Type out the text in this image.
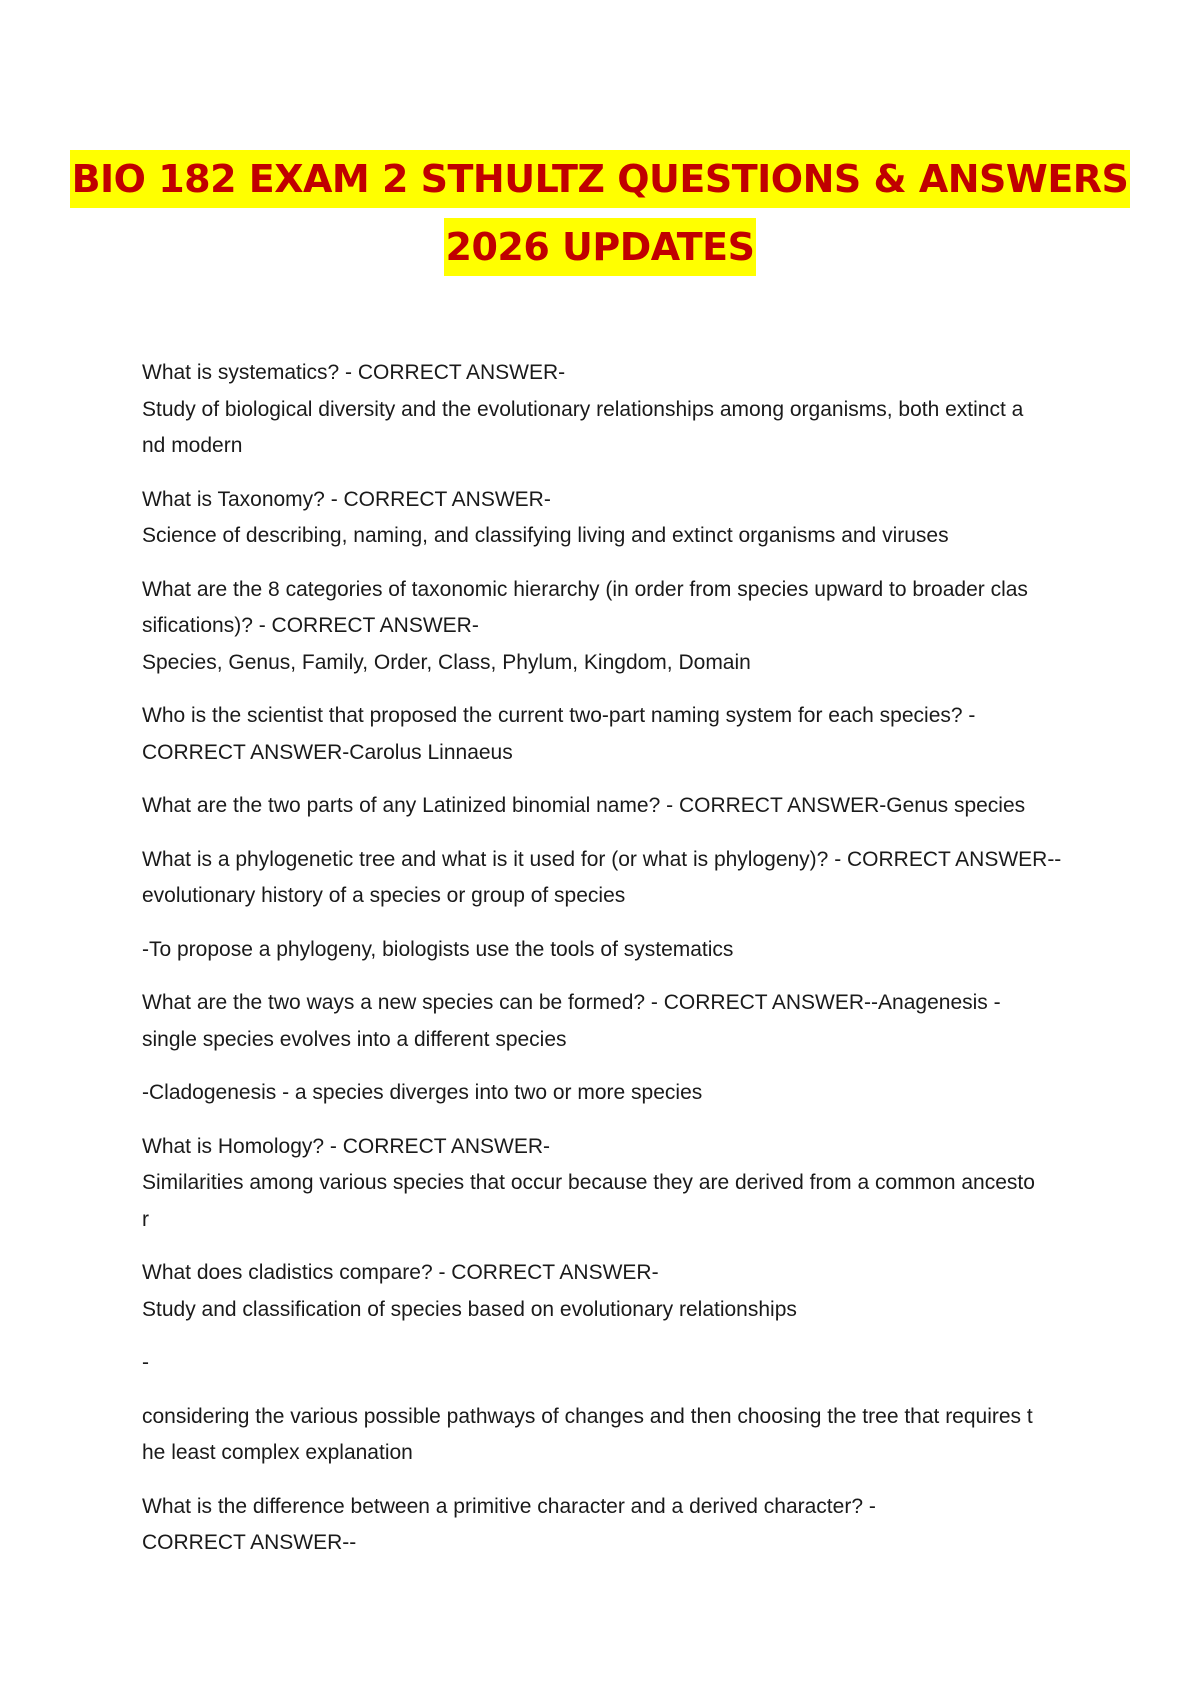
BIO 182 EXAM 2 STHULTZ QUESTIONS & ANSWERS
2026 UPDATES
What is systematics? - CORRECT ANSWER-
Study of biological diversity and the evolutionary relationships among organisms, both extinct a
nd modern
What is Taxonomy? - CORRECT ANSWER-
Science of describing, naming, and classifying living and extinct organisms and viruses
What are the 8 categories of taxonomic hierarchy (in order from species upward to broader clas
sifications)? - CORRECT ANSWER-
Species, Genus, Family, Order, Class, Phylum, Kingdom, Domain
Who is the scientist that proposed the current two-part naming system for each species? -
CORRECT ANSWER-Carolus Linnaeus
What are the two parts of any Latinized binomial name? - CORRECT ANSWER-Genus species
What is a phylogenetic tree and what is it used for (or what is phylogeny)? - CORRECT ANSWER--
evolutionary history of a species or group of species
-To propose a phylogeny, biologists use the tools of systematics
What are the two ways a new species can be formed? - CORRECT ANSWER--Anagenesis -
single species evolves into a different species
-Cladogenesis - a species diverges into two or more species
What is Homology? - CORRECT ANSWER-
Similarities among various species that occur because they are derived from a common ancesto
r
What does cladistics compare? - CORRECT ANSWER-
Study and classification of species based on evolutionary relationships
-
considering the various possible pathways of changes and then choosing the tree that requires t
he least complex explanation
What is the difference between a primitive character and a derived character? -
CORRECT ANSWER--
